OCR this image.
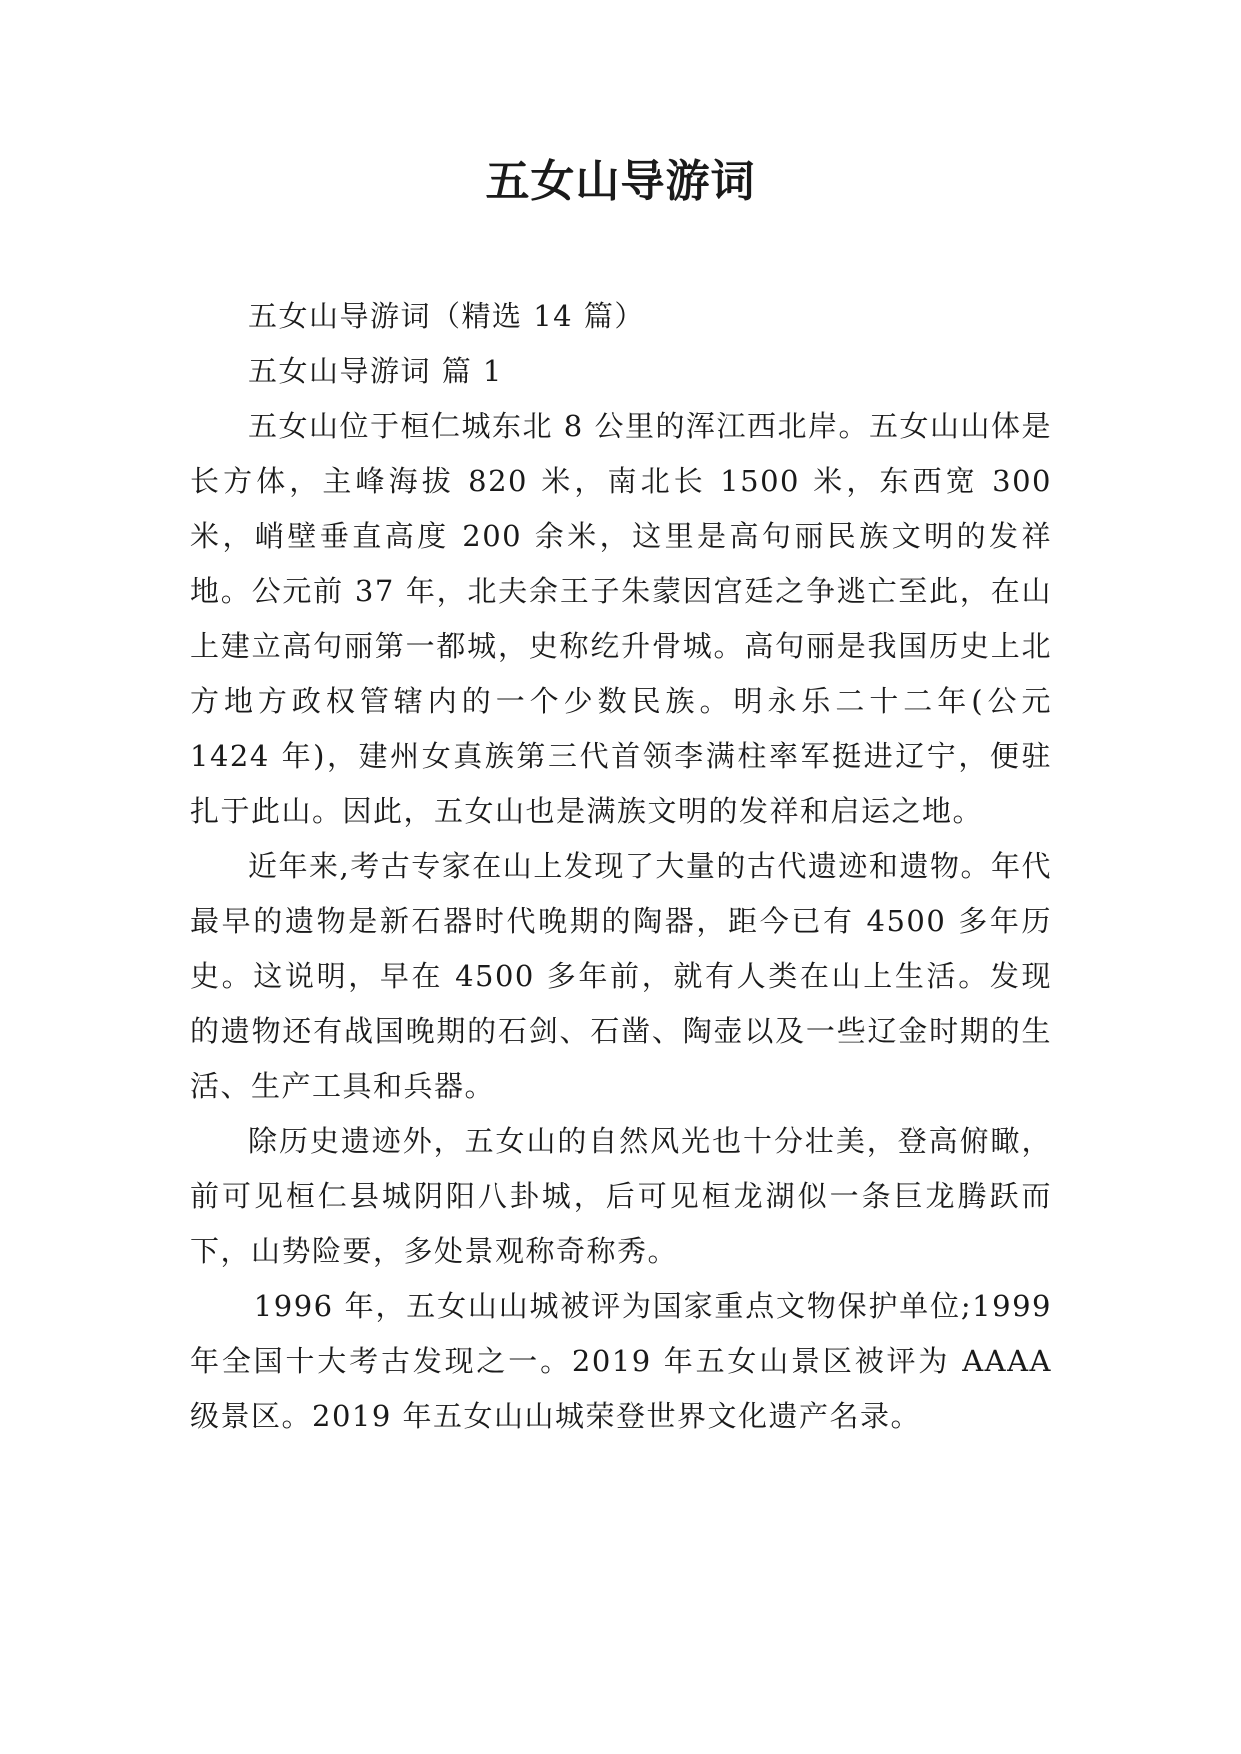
五女山导游词

五女山导游词（精选 14 篇）

五女山导游词 篇 1

五女山位于桓仁城东北 8 公里的浑江西北岸。五女山山体是长方体，主峰海拔 820 米，南北长 1500 米，东西宽 300 米，峭壁垂直高度 200 余米，这里是高句丽民族文明的发祥地。公元前 37 年，北夫余王子朱蒙因宫廷之争逃亡至此，在山上建立高句丽第一都城，史称纥升骨城。高句丽是我国历史上北方地方政权管辖内的一个少数民族。明永乐二十二年(公元 1424 年)，建州女真族第三代首领李满柱率军挺进辽宁，便驻扎于此山。因此，五女山也是满族文明的发祥和启运之地。

近年来,考古专家在山上发现了大量的古代遗迹和遗物。年代最早的遗物是新石器时代晚期的陶器，距今已有 4500 多年历史。这说明，早在 4500 多年前，就有人类在山上生活。发现的遗物还有战国晚期的石剑、石凿、陶壶以及一些辽金时期的生活、生产工具和兵器。

除历史遗迹外，五女山的自然风光也十分壮美，登高俯瞰，前可见桓仁县城阴阳八卦城，后可见桓龙湖似一条巨龙腾跃而下，山势险要，多处景观称奇称秀。

1996 年，五女山山城被评为国家重点文物保护单位;1999 年全国十大考古发现之一。2019 年五女山景区被评为 AAAA 级景区。2019 年五女山山城荣登世界文化遗产名录。
